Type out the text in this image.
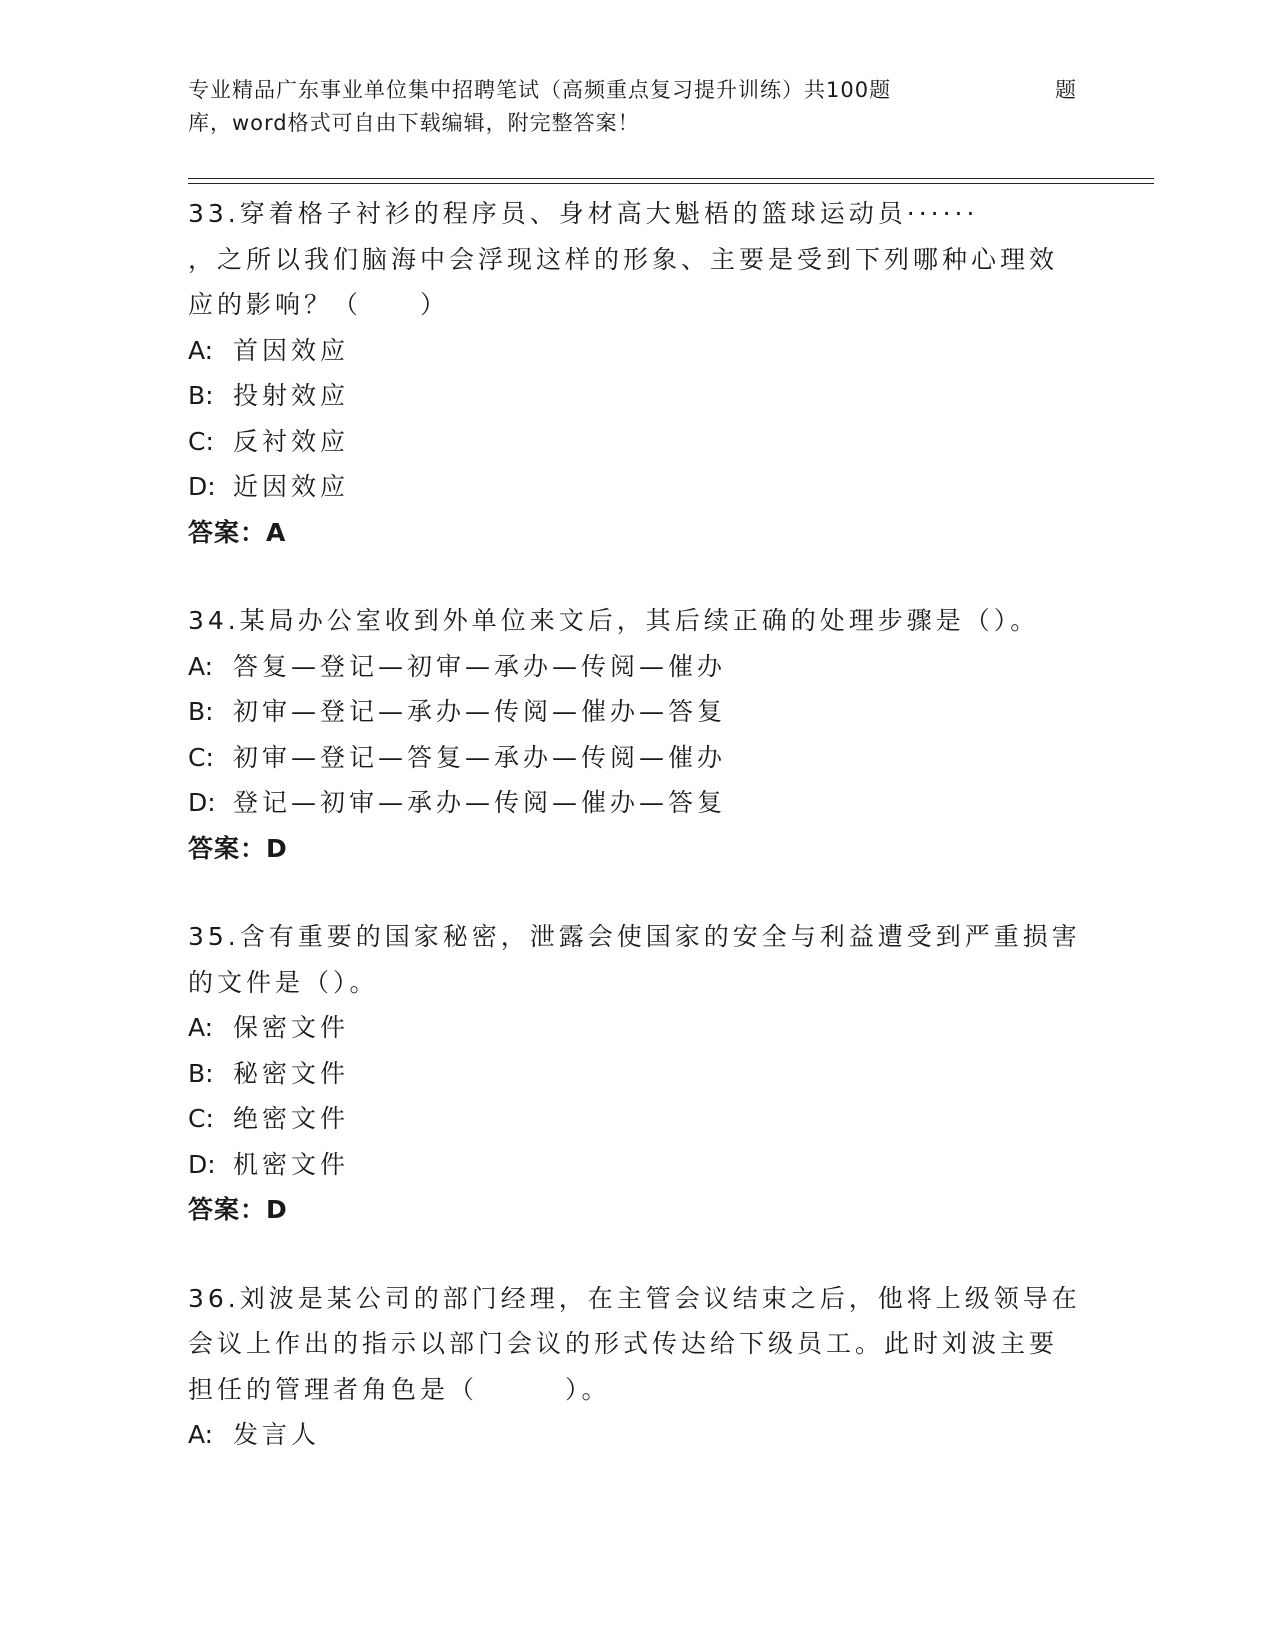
专业精品广东事业单位集中招聘笔试（高频重点复习提升训练）共100题	题
库，word格式可自由下载编辑，附完整答案！
33.穿着格子衬衫的程序员、身材高大魁梧的篮球运动员······
，之所以我们脑海中会浮现这样的形象、主要是受到下列哪种心理效
应的影响？（　　）
A: 首因效应
B: 投射效应
C: 反衬效应
D: 近因效应
答案：A
34.某局办公室收到外单位来文后，其后续正确的处理步骤是（）。
A: 答复—登记—初审—承办—传阅—催办
B: 初审—登记—承办—传阅—催办—答复
C: 初审—登记—答复—承办—传阅—催办
D: 登记—初审—承办—传阅—催办—答复
答案：D
35.含有重要的国家秘密，泄露会使国家的安全与利益遭受到严重损害
的文件是（）。
A: 保密文件
B: 秘密文件
C: 绝密文件
D: 机密文件
答案：D
36.刘波是某公司的部门经理，在主管会议结束之后，他将上级领导在
会议上作出的指示以部门会议的形式传达给下级员工。此时刘波主要
担任的管理者角色是（　　　）。
A: 发言人
